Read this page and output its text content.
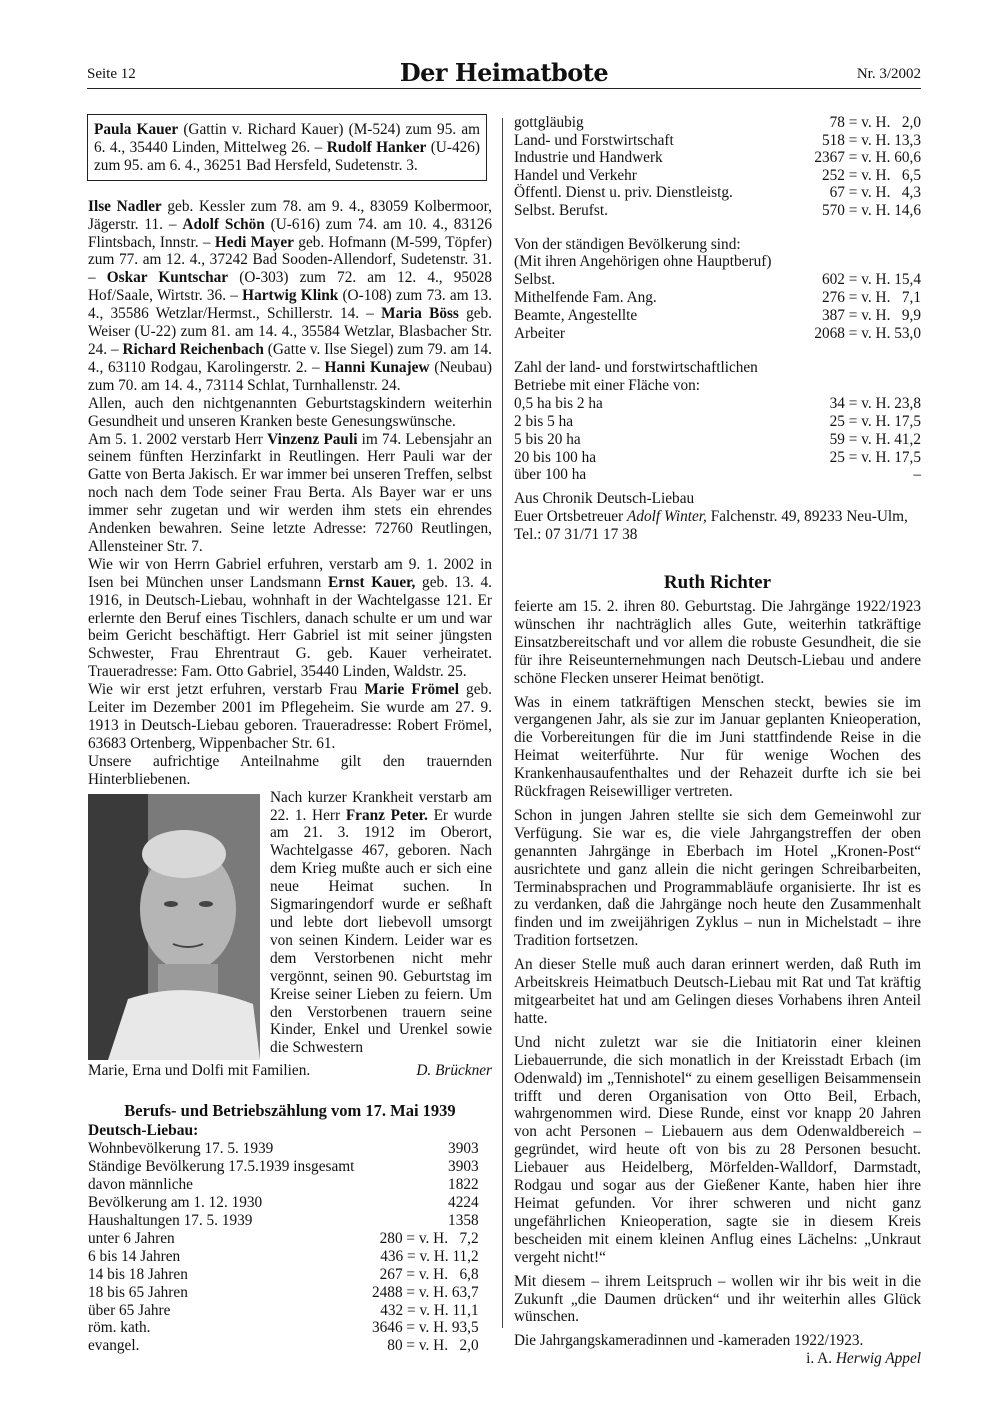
Seite 12	Der Heimatbote	Nr. 3/2002
Paula Kauer (Gattin v. Richard Kauer) (M-524) zum 95. am 6. 4., 35440 Linden, Mittelweg 26. – Rudolf Hanker (U-426) zum 95. am 6. 4., 36251 Bad Hersfeld, Sudetenstr. 3.

Ilse Nadler geb. Kessler zum 78. am 9. 4., 83059 Kolbermoor, Jägerstr. 11. – Adolf Schön (U-616) zum 74. am 10. 4., 83126 Flintsbach, Innstr. – Hedi Mayer geb. Hofmann (M-599, Töpfer) zum 77. am 12. 4., 37242 Bad Sooden-Allendorf, Sudetenstr. 31. – Oskar Kuntschar (O-303) zum 72. am 12. 4., 95028 Hof/Saale, Wirtstr. 36. – Hartwig Klink (O-108) zum 73. am 13. 4., 35586 Wetzlar/Hermst., Schillerstr. 14. – Maria Böss geb. Weiser (U-22) zum 81. am 14. 4., 35584 Wetzlar, Blasbacher Str. 24. – Richard Reichenbach (Gatte v. Ilse Siegel) zum 79. am 14. 4., 63110 Rodgau, Karolingerstr. 2. – Hanni Kunajew (Neubau) zum 70. am 14. 4., 73114 Schlat, Turnhallenstr. 24.

Allen, auch den nichtgenannten Geburtstagskindern weiterhin Gesundheit und unseren Kranken beste Genesungswünsche.

Am 5. 1. 2002 verstarb Herr Vinzenz Pauli im 74. Lebensjahr an seinem fünften Herzinfarkt in Reutlingen. Herr Pauli war der Gatte von Berta Jakisch. Er war immer bei unseren Treffen, selbst noch nach dem Tode seiner Frau Berta. Als Bayer war er uns immer sehr zugetan und wir werden ihm stets ein ehrendes Andenken bewahren. Seine letzte Adresse: 72760 Reutlingen, Allensteiner Str. 7.

Wie wir von Herrn Gabriel erfuhren, verstarb am 9. 1. 2002 in Isen bei München unser Landsmann Ernst Kauer, geb. 13. 4. 1916, in Deutsch-Liebau, wohnhaft in der Wachtelgasse 121. Er erlernte den Beruf eines Tischlers, danach schulte er um und war beim Gericht beschäftigt. Herr Gabriel ist mit seiner jüngsten Schwester, Frau Ehrentraut G. geb. Kauer verheiratet. Traueradresse: Fam. Otto Gabriel, 35440 Linden, Waldstr. 25.

Wie wir erst jetzt erfuhren, verstarb Frau Marie Frömel geb. Leiter im Dezember 2001 im Pflegeheim. Sie wurde am 27. 9. 1913 in Deutsch-Liebau geboren. Traueradresse: Robert Frömel, 63683 Ortenberg, Wippenbacher Str. 61.

Unsere aufrichtige Anteilnahme gilt den trauernden Hinterbliebenen.

Nach kurzer Krankheit verstarb am 22. 1. Herr Franz Peter. Er wurde am 21. 3. 1912 im Oberort, Wachtelgasse 467, geboren. Nach dem Krieg mußte auch er sich eine neue Heimat suchen. In Sigmaringendorf wurde er seßhaft und lebte dort liebevoll umsorgt von seinen Kindern. Leider war es dem Verstorbenen nicht mehr vergönnt, seinen 90. Geburtstag im Kreise seiner Lieben zu feiern. Um den Verstorbenen trauern seine Kinder, Enkel und Urenkel sowie die Schwestern

Marie, Erna und Dolfi mit Familien.	D. Brückner
Berufs- und Betriebszählung vom 17. Mai 1939
Deutsch-Liebau:
Wohnbevölkerung 17. 5. 1939	3903
Ständige Bevölkerung 17.5.1939 insgesamt	3903
davon männliche	1822
Bevölkerung am 1. 12. 1930	4224
Haushaltungen 17. 5. 1939	1358
unter 6 Jahren	280 = v. H.   7,2
6 bis 14 Jahren	436 = v. H. 11,2
14 bis 18 Jahren	267 = v. H.   6,8
18 bis 65 Jahren	2488 = v. H. 63,7
über 65 Jahre	432 = v. H. 11,1
röm. kath.	3646 = v. H. 93,5
evangel.	80 = v. H.   2,0
gottgläubig	78 = v. H.   2,0
Land- und Forstwirtschaft	518 = v. H. 13,3
Industrie und Handwerk	2367 = v. H. 60,6
Handel und Verkehr	252 = v. H.   6,5
Öffentl. Dienst u. priv. Dienstleistg.	67 = v. H.   4,3
Selbst. Berufst.	570 = v. H. 14,6
Von der ständigen Bevölkerung sind:
(Mit ihren Angehörigen ohne Hauptberuf)
Selbst.	602 = v. H. 15,4
Mithelfende Fam. Ang.	276 = v. H.   7,1
Beamte, Angestellte	387 = v. H.   9,9
Arbeiter	2068 = v. H. 53,0
Zahl der land- und forstwirtschaftlichen
Betriebe mit einer Fläche von:
0,5 ha bis 2 ha	34 = v. H. 23,8
2 bis 5 ha	25 = v. H. 17,5
5 bis 20 ha	59 = v. H. 41,2
20 bis 100 ha	25 = v. H. 17,5
über 100 ha	–
Aus Chronik Deutsch-Liebau
Euer Ortsbetreuer Adolf Winter, Falchenstr. 49, 89233 Neu-Ulm,
Tel.: 07 31/71 17 38
Ruth Richter

feierte am 15. 2. ihren 80. Geburtstag. Die Jahrgänge 1922/1923 wünschen ihr nachträglich alles Gute, weiterhin tatkräftige Einsatzbereitschaft und vor allem die robuste Gesundheit, die sie für ihre Reiseunternehmungen nach Deutsch-Liebau und andere schöne Flecken unserer Heimat benötigt.

Was in einem tatkräftigen Menschen steckt, bewies sie im vergangenen Jahr, als sie zur im Januar geplanten Knieoperation, die Vorbereitungen für die im Juni stattfindende Reise in die Heimat weiterführte. Nur für wenige Wochen des Krankenhausaufenthaltes und der Rehazeit durfte ich sie bei Rückfragen Reisewilliger vertreten.

Schon in jungen Jahren stellte sie sich dem Gemeinwohl zur Verfügung. Sie war es, die viele Jahrgangstreffen der oben genannten Jahrgänge in Eberbach im Hotel „Kronen-Post“ ausrichtete und ganz allein die nicht geringen Schreibarbeiten, Terminabsprachen und Programmabläufe organisierte. Ihr ist es zu verdanken, daß die Jahrgänge noch heute den Zusammenhalt finden und im zweijährigen Zyklus – nun in Michelstadt – ihre Tradition fortsetzen.

An dieser Stelle muß auch daran erinnert werden, daß Ruth im Arbeitskreis Heimatbuch Deutsch-Liebau mit Rat und Tat kräftig mitgearbeitet hat und am Gelingen dieses Vorhabens ihren Anteil hatte.

Und nicht zuletzt war sie die Initiatorin einer kleinen Liebauerrunde, die sich monatlich in der Kreisstadt Erbach (im Odenwald) im „Tennishotel“ zu einem geselligen Beisammensein trifft und deren Organisation von Otto Beil, Erbach, wahrgenommen wird. Diese Runde, einst vor knapp 20 Jahren von acht Personen – Liebauern aus dem Odenwaldbereich – gegründet, wird heute oft von bis zu 28 Personen besucht. Liebauer aus Heidelberg, Mörfelden-Walldorf, Darmstadt, Rodgau und sogar aus der Gießener Kante, haben hier ihre Heimat gefunden. Vor ihrer schweren und nicht ganz ungefährlichen Knieoperation, sagte sie in diesem Kreis bescheiden mit einem kleinen Anflug eines Lächelns: „Unkraut vergeht nicht!“

Mit diesem – ihrem Leitspruch – wollen wir ihr bis weit in die Zukunft „die Daumen drücken“ und ihr weiterhin alles Glück wünschen.

Die Jahrgangskameradinnen und -kameraden 1922/1923.

i. A. Herwig Appel
